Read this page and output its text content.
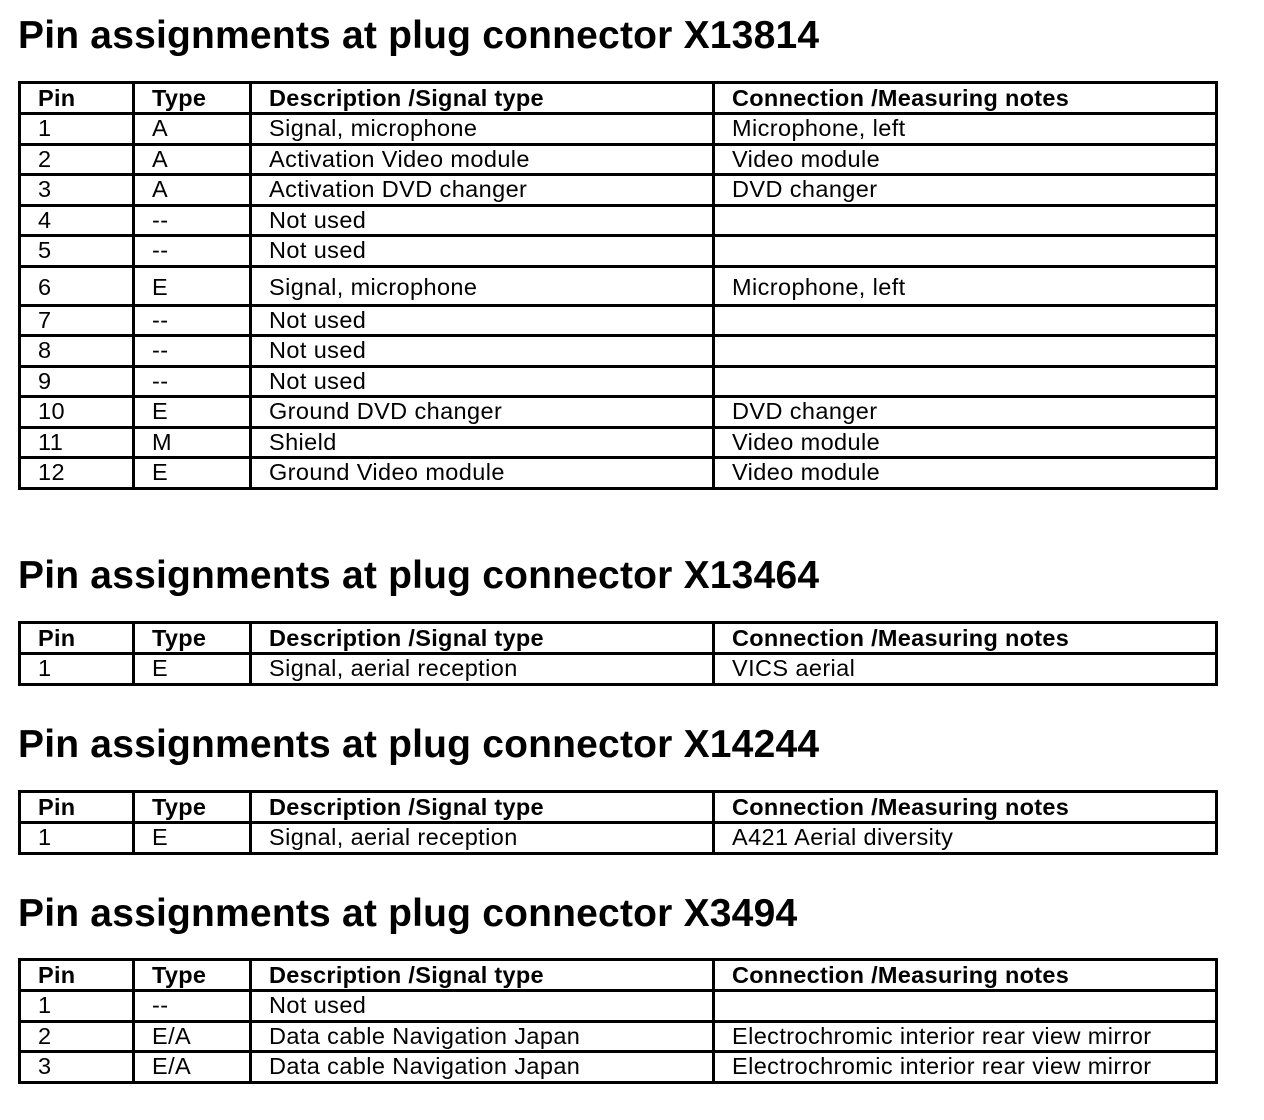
Pin assignments at plug connector X13814
Pin	Type	Description /Signal type	Connection /Measuring notes
1	A	Signal, microphone	Microphone, left
2	A	Activation Video module	Video module
3	A	Activation DVD changer	DVD changer
4	--	Not used	
5	--	Not used	
6	E	Signal, microphone	Microphone, left
7	--	Not used	
8	--	Not used	
9	--	Not used	
10	E	Ground DVD changer	DVD changer
11	M	Shield	Video module
12	E	Ground Video module	Video module
Pin assignments at plug connector X13464
Pin	Type	Description /Signal type	Connection /Measuring notes
1	E	Signal, aerial reception	VICS aerial
Pin assignments at plug connector X14244
Pin	Type	Description /Signal type	Connection /Measuring notes
1	E	Signal, aerial reception	A421 Aerial diversity
Pin assignments at plug connector X3494
Pin	Type	Description /Signal type	Connection /Measuring notes
1	--	Not used	
2	E/A	Data cable Navigation Japan	Electrochromic interior rear view mirror
3	E/A	Data cable Navigation Japan	Electrochromic interior rear view mirror
